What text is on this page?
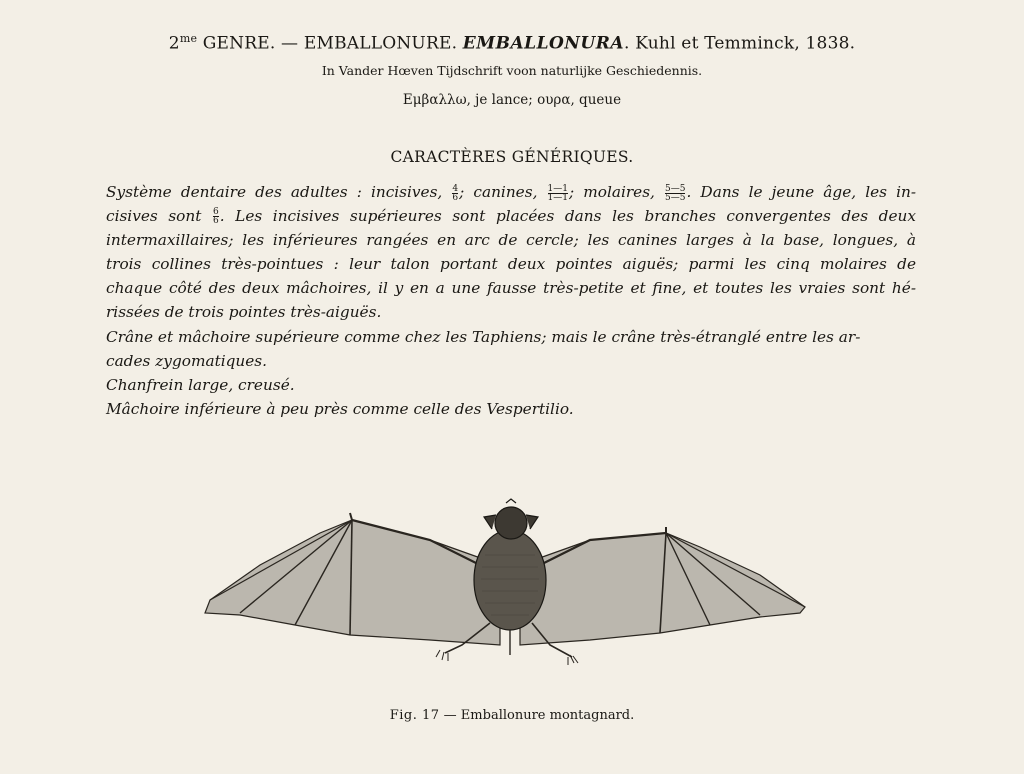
$2^{me}$ GENRE. — EMBALLONURE. EMBALLONURA. Kuhl et Temminck, 1838.
In Vander Hœven Tijdschrift voon naturlijke Geschiedennis.
Εμβαλλω, je lance; ουρα, queue
CARACTÈRES GÉNÉRIQUES.
Système dentaire des adultes : incisives, $\frac{4}{6}$ ; canines, $\frac{1—1}{1—1}$ ; molaires, $\frac{5—5}{5—5}$ . Dans le jeune âge, les in-
cisives sont $\frac{6}{6}$ . Les incisives supérieures sont placées dans les branches convergentes des deux
intermaxillaires; les inférieures rangées en arc de cercle; les canines larges à la base, longues, à
trois collines très-pointues : leur talon portant deux pointes aiguës; parmi les cinq molaires de
chaque côté des deux mâchoires, il y en a une fausse très-petite et fine, et toutes les vraies sont hé-
rissées de trois pointes très-aiguës.
Crâne et mâchoire supérieure comme chez les Taphiens; mais le crâne très-étranglé entre les ar-
cades zygomatiques.
Chanfrein large, creusé.
Mâchoire inférieure à peu près comme celle des Vespertilio.
Fig. 17 — Emballonure montagnard.
